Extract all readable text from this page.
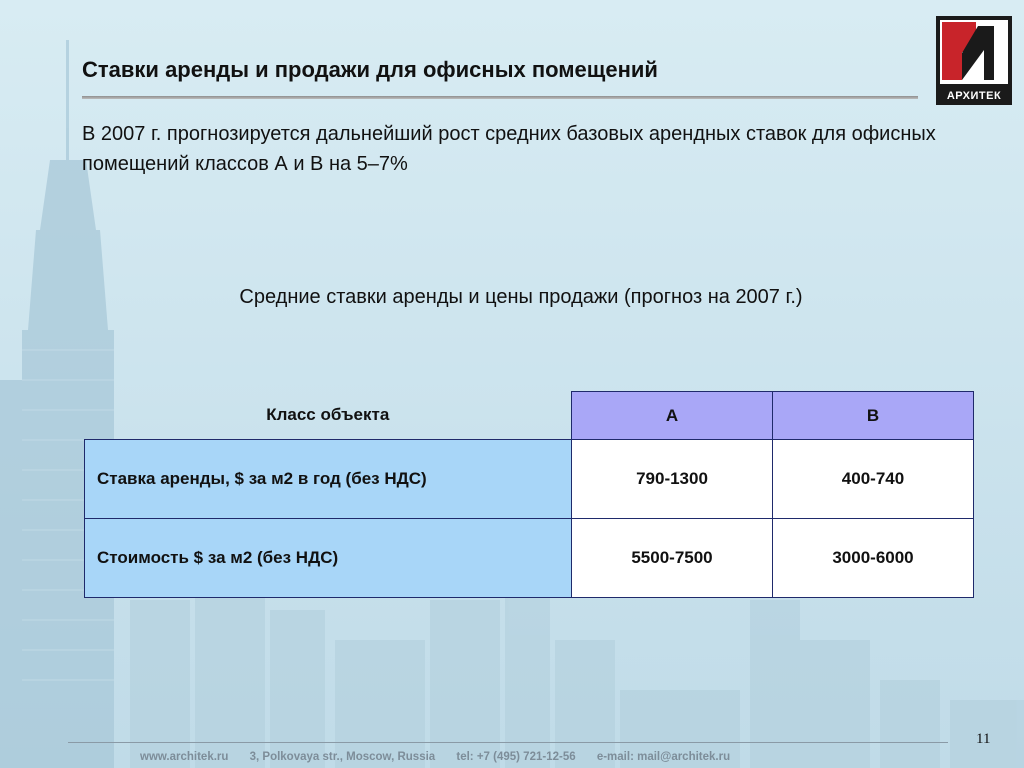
Ставки аренды и продажи для офисных помещений
АРХИТЕК
В 2007 г. прогнозируется дальнейший рост средних базовых арендных ставок для офисных помещений классов А и В на 5–7%
Средние ставки аренды и цены продажи (прогноз на 2007 г.)
Класс объекта	A	B
Ставка аренды, $ за м2 в год (без НДС)	790-1300	400-740
Стоимость $ за м2 (без НДС)	5500-7500	3000-6000
www.architek.ru 3, Polkovaya str., Moscow, Russia tel: +7 (495) 721-12-56 e-mail: mail@architek.ru
11
